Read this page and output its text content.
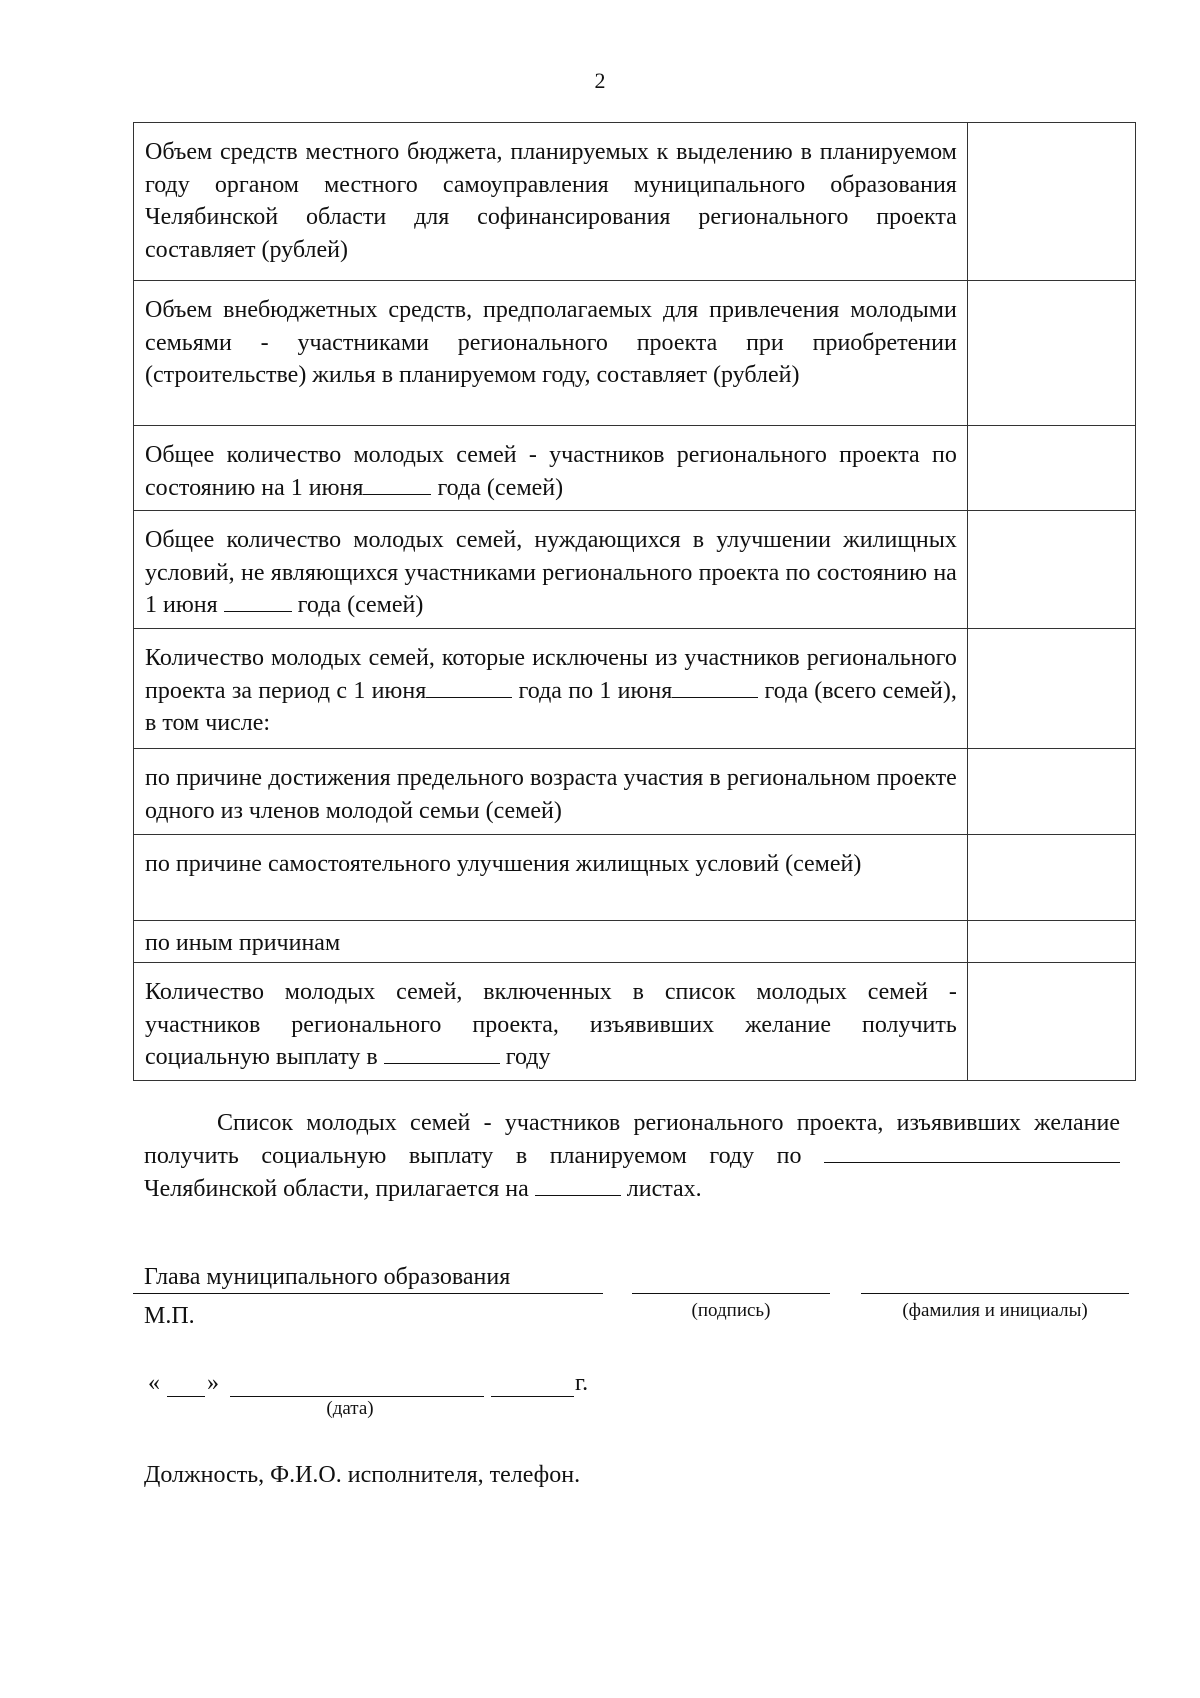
2
Объем средств местного бюджета, планируемых к выделению в планируемом году органом местного самоуправления муниципального образования Челябинской области для софинансирования регионального проекта составляет (рублей)	

Объем внебюджетных средств, предполагаемых для привлечения молодыми семьями - участниками регионального проекта при приобретении (строительстве) жилья в планируемом году, составляет (рублей)	

Общее количество молодых семей - участников регионального проекта по состоянию на 1 июня года (семей)	

Общее количество молодых семей, нуждающихся в улучшении жилищных условий, не являющихся участниками регионального проекта по состоянию на 1 июня года (семей)	

Количество молодых семей, которые исключены из участников регионального проекта за период с 1 июня года по 1 июня года (всего семей), в том числе:	

по причине достижения предельного возраста участия в региональном проекте одного из членов молодой семьи (семей)	

по причине самостоятельного улучшения жилищных условий (семей)	

по иным причинам	

Количество молодых семей, включенных в список молодых семей - участников регионального проекта, изъявивших желание получить социальную выплату в году	

Список молодых семей - участников регионального проекта, изъявивших желание получить социальную выплату в планируемом году по Челябинской области, прилагается на	листах.
Глава муниципального образования
М.П.	(подпись)	(фамилия и инициалы)
« »	г.
(дата)
Должность, Ф.И.О. исполнителя, телефон.
